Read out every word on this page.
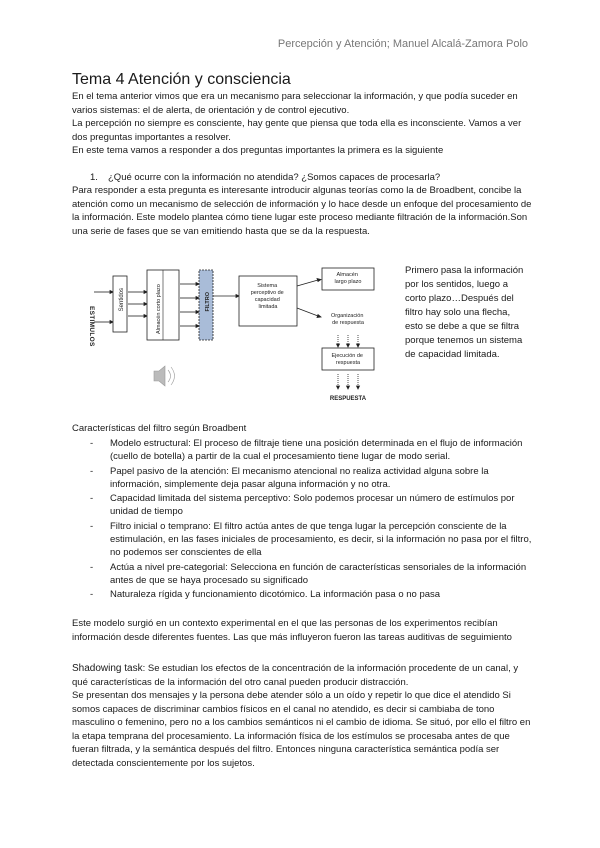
Percepción y Atención; Manuel Alcalá-Zamora Polo
Tema 4 Atención y consciencia
En el tema anterior vimos que era un mecanismo para seleccionar la información, y que podía suceder en varios sistemas: el de alerta, de orientación y de control ejecutivo.
La percepción no siempre es consciente, hay gente que piensa que toda ella es inconsciente. Vamos a ver dos preguntas importantes a resolver.
En este tema vamos a responder a dos preguntas importantes la primera es la siguiente
1. ¿Qué ocurre con la información no atendida? ¿Somos capaces de procesarla?
Para responder a esta pregunta es interesante introducir algunas teorías como la de Broadbent, concibe la atención como un mecanismo de selección de información y lo hace desde un enfoque del procesamiento de la información. Este modelo plantea cómo tiene lugar este proceso mediante filtración de la información.Son una serie de fases que se van emitiendo hasta que se da la respuesta.
ESTIMULOS
Sentidos	Almacén corto plazo	FILTRO
Sistema perceptivo de capacidad limitada
Almacén largo plazo
Organización de respuesta
Ejecución de respuesta
RESPUESTA
Primero pasa la información por los sentidos, luego a corto plazo…Después del filtro hay solo una flecha, esto se debe a que se filtra porque tenemos un sistema de capacidad limitada.
Características del filtro según Broadbent
- Modelo estructural: El proceso de filtraje tiene una posición determinada en el flujo de información (cuello de botella) a partir de la cual el procesamiento tiene lugar de modo serial.
- Papel pasivo de la atención: El mecanismo atencional no realiza actividad alguna sobre la información, simplemente deja pasar alguna información y no otra.
- Capacidad limitada del sistema perceptivo: Solo podemos procesar un número de estímulos por unidad de tiempo
- Filtro inicial o temprano: El filtro actúa antes de que tenga lugar la percepción consciente de la estimulación, en las fases iniciales de procesamiento, es decir, si la información no pasa por el filtro, no podemos ser conscientes de ella
- Actúa a nivel pre-categorial: Selecciona en función de características sensoriales de la información antes de que se haya procesado su significado
- Naturaleza rígida y funcionamiento dicotómico. La información pasa o no pasa
Este modelo surgió en un contexto experimental en el que las personas de los experimentos recibían información desde diferentes fuentes. Las que más influyeron fueron las tareas auditivas de seguimiento
Shadowing task: Se estudian los efectos de la concentración de la información procedente de un canal, y qué características de la información del otro canal pueden producir distracción.
Se presentan dos mensajes y la persona debe atender sólo a un oído y repetir lo que dice el atendido Si somos capaces de discriminar cambios físicos en el canal no atendido, es decir si cambiaba de tono masculino o femenino, pero no a los cambios semánticos ni el cambio de idioma. Se situó, por ello el filtro en la etapa temprana del procesamiento. La información física de los estímulos se procesaba antes de que fueran filtrada, y la semántica después del filtro. Entonces ninguna característica semántica podía ser detectada conscientemente por los sujetos.
